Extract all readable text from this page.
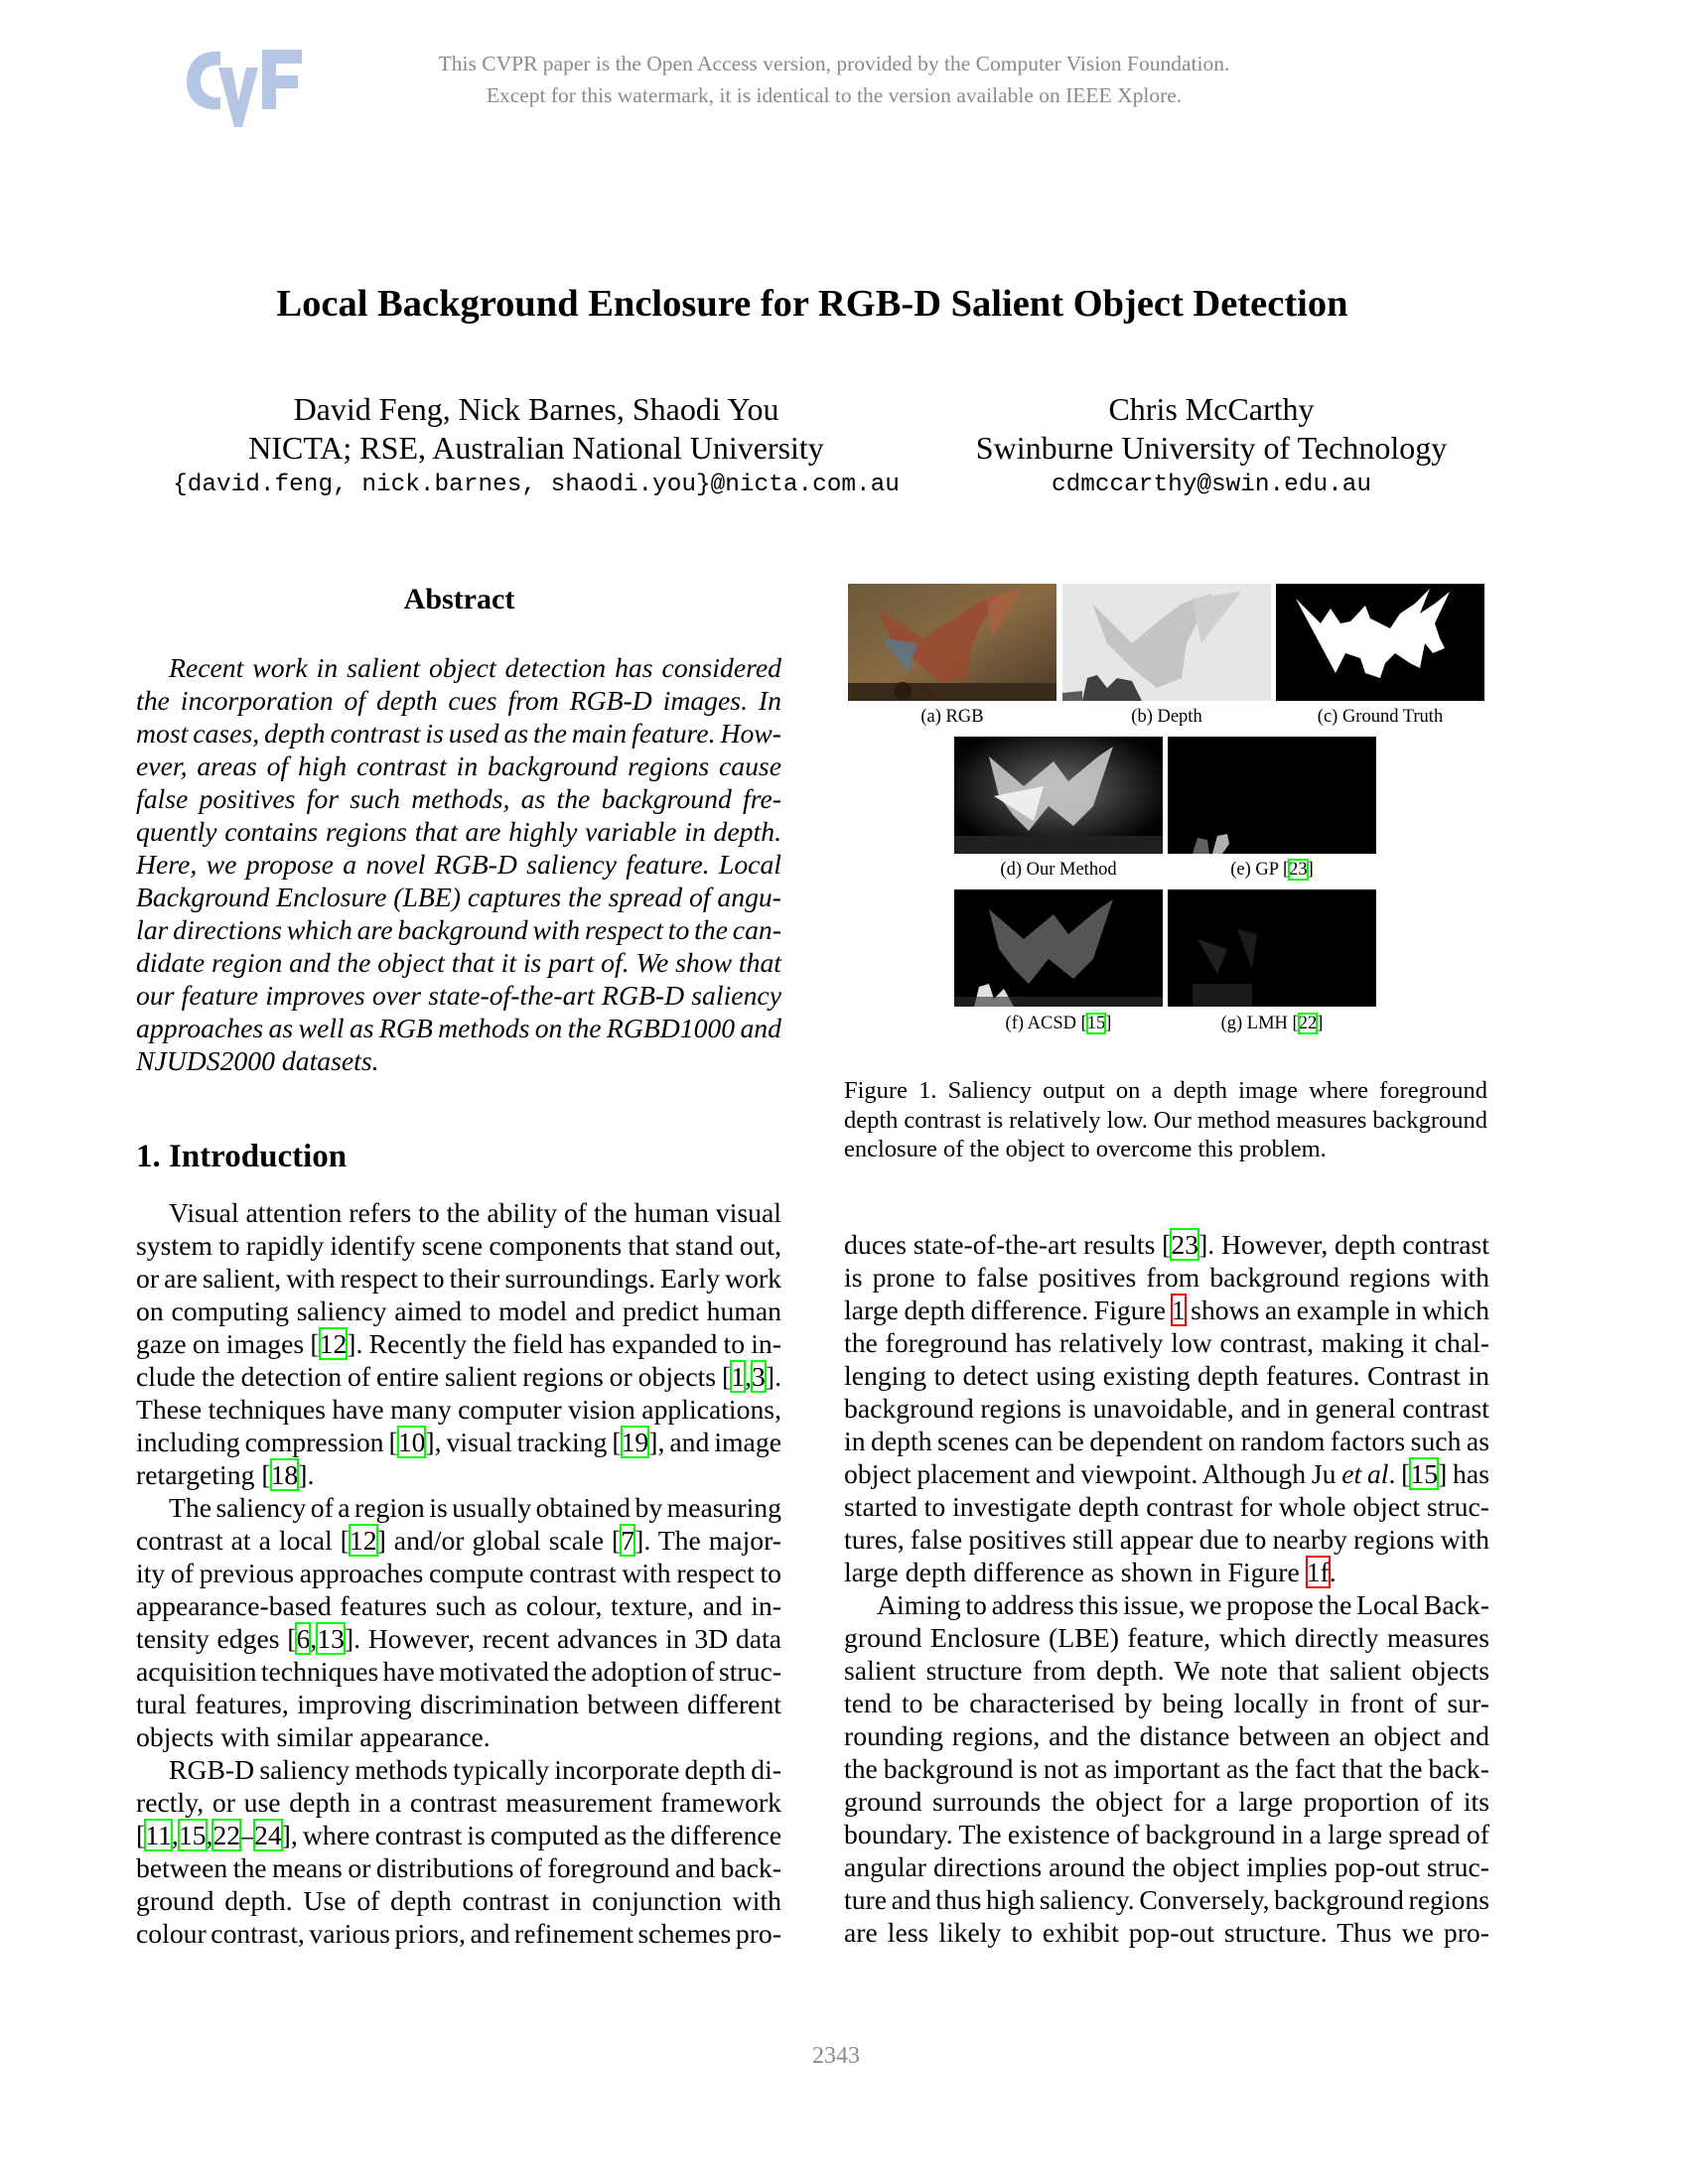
This CVPR paper is the Open Access version, provided by the Computer Vision Foundation.
Except for this watermark, it is identical to the version available on IEEE Xplore.
Local Background Enclosure for RGB-D Salient Object Detection
David Feng, Nick Barnes, Shaodi You
NICTA; RSE, Australian National University
{david.feng, nick.barnes, shaodi.you}@nicta.com.au
Chris McCarthy
Swinburne University of Technology
cdmccarthy@swin.edu.au
Abstract
Recent work in salient object detection has considered
the incorporation of depth cues from RGB-D images. In
most cases, depth contrast is used as the main feature. How-
ever, areas of high contrast in background regions cause
false positives for such methods, as the background fre-
quently contains regions that are highly variable in depth.
Here, we propose a novel RGB-D saliency feature. Local
Background Enclosure (LBE) captures the spread of angu-
lar directions which are background with respect to the can-
didate region and the object that it is part of. We show that
our feature improves over state-of-the-art RGB-D saliency
approaches as well as RGB methods on the RGBD1000 and
NJUDS2000 datasets.
1. Introduction
Visual attention refers to the ability of the human visual
system to rapidly identify scene components that stand out,
or are salient, with respect to their surroundings. Early work
on computing saliency aimed to model and predict human
gaze on images [12]. Recently the field has expanded to in-
clude the detection of entire salient regions or objects [1,3].
These techniques have many computer vision applications,
including compression [10], visual tracking [19], and image
retargeting [18].
The saliency of a region is usually obtained by measuring
contrast at a local [12] and/or global scale [7]. The major-
ity of previous approaches compute contrast with respect to
appearance-based features such as colour, texture, and in-
tensity edges [6,13]. However, recent advances in 3D data
acquisition techniques have motivated the adoption of struc-
tural features, improving discrimination between different
objects with similar appearance.
RGB-D saliency methods typically incorporate depth di-
rectly, or use depth in a contrast measurement framework
[11,15,22–24], where contrast is computed as the difference
between the means or distributions of foreground and back-
ground depth. Use of depth contrast in conjunction with
colour contrast, various priors, and refinement schemes pro-
duces state-of-the-art results [23]. However, depth contrast
is prone to false positives from background regions with
large depth difference. Figure 1 shows an example in which
the foreground has relatively low contrast, making it chal-
lenging to detect using existing depth features. Contrast in
background regions is unavoidable, and in general contrast
in depth scenes can be dependent on random factors such as
object placement and viewpoint. Although Ju et al. [15] has
started to investigate depth contrast for whole object struc-
tures, false positives still appear due to nearby regions with
large depth difference as shown in Figure 1f.
Aiming to address this issue, we propose the Local Back-
ground Enclosure (LBE) feature, which directly measures
salient structure from depth. We note that salient objects
tend to be characterised by being locally in front of sur-
rounding regions, and the distance between an object and
the background is not as important as the fact that the back-
ground surrounds the object for a large proportion of its
boundary. The existence of background in a large spread of
angular directions around the object implies pop-out struc-
ture and thus high saliency. Conversely, background regions
are less likely to exhibit pop-out structure. Thus we pro-
(a) RGB	(b) Depth	(c) Ground Truth
(d) Our Method	(e) GP [23]
(f) ACSD [15]	(g) LMH [22]
Figure 1. Saliency output on a depth image where foreground
depth contrast is relatively low. Our method measures background
enclosure of the object to overcome this problem.
2343
